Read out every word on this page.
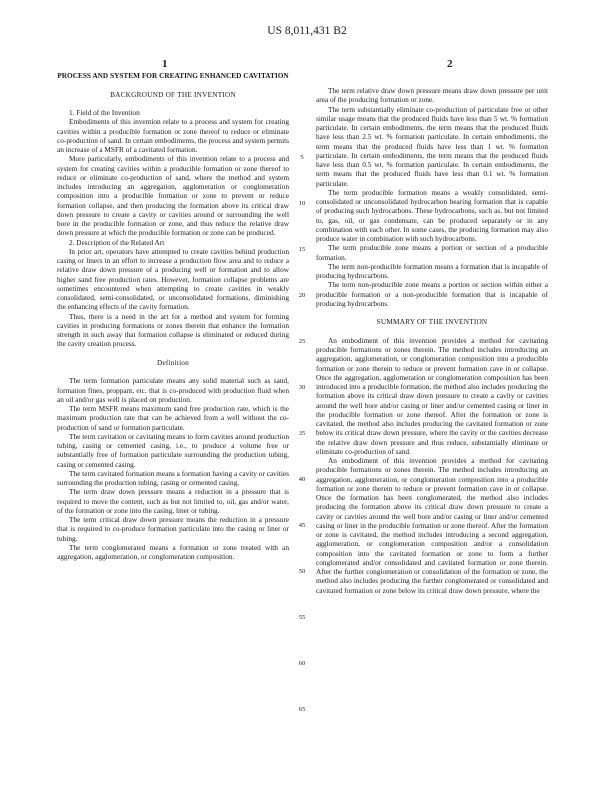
US 8,011,431 B2
1	2
PROCESS AND SYSTEM FOR CREATING ENHANCED CAVITATION
BACKGROUND OF THE INVENTION

1. Field of the Invention

Embodiments of this invention relate to a process and system for creating cavities within a producible formation or zone thereof to reduce or eliminate co-production of sand. In certain embodiments, the process and system permits an increase of a MSFR of a cavitated formation.

More particularly, embodiments of this invention relate to a process and system for creating cavities within a producible formation or zone thereof to reduce or eliminate co-production of sand, where the method and system includes introducing an aggregation, agglomeration or conglomeration composition into a producible formation or zone to prevent or reduce formation collapse, and then producing the formation above its critical draw down pressure to create a cavity or cavities around or surrounding the well bore in the producible formation or zone, and thus reduce the relative draw down pressure at which the producible formation or zone can be produced.

2. Description of the Related Art

In prior art, operators have attempted to create cavities behind production casing or liners in an effort to increase a production flow area and to reduce a relative draw down pressure of a producing well or formation and to allow higher sand free production rates. However, formation collapse problems are sometimes encountered when attempting to create cavities in weakly consolidated, semi-consolidated, or unconsolidated formations, diminishing the enhancing effects of the cavity formation.

Thus, there is a need in the art for a method and system for forming cavities in producing formations or zones therein that enhance the formation strength in such away that formation collapse is eliminated or reduced during the cavity creation process.

Definition

The term formation particulate means any solid material such as sand, formation fines, proppant, etc. that is co-produced with production fluid when an oil and/or gas well is placed on production.

The term MSFR means maximum sand free production rate, which is the maximum production rate that can be achieved from a well without the co-production of sand or formation particulate.

The term cavitation or cavitating means to form cavities around production tubing, casing or cemented casing, i.e., to produce a volume free or substantially free of formation particulate surrounding the production tubing, casing or cemented casing.

The term cavitated formation means a formation having a cavity or cavities surrounding the production tubing, casing or cemented casing.

The term draw down pressure means a reduction in a pressure that is required to move the content, such as but not limited to, oil, gas and/or water, of the formation or zone into the casing, liner or tubing.

The term critical draw down pressure means the reduction in a pressure that is required to co-produce formation particulate into the casing or liner or tubing.

The term conglomerated means a formation or zone treated with an aggregation, agglomeration, or conglomeration composition.

The term relative draw down pressure means draw down pressure per unit area of the producing formation or zone.

The term substantially eliminate co-production of particulate free or other similar usage means that the produced fluids have less than 5 wt. % formation particulate. In certain embodiments, the term means that the produced fluids have less than 2.5 wt. % formation particulate. In certain embodiments, the term means that the produced fluids have less than 1 wt. % formation particulate. In certain embodiments, the term means that the produced fluids have less than 0.5 wt. % formation particulate. In certain embodiments, the term means that the produced fluids have less than 0.1 wt. % formation particulate.

The term producible formation means a weakly consolidated, semi-consolidated or unconsolidated hydrocarbon bearing formation that is capable of producing such hydrocarbons. These hydrocarbons, such as, but not limited to, gas, oil, or gas condensate, can be produced separately or in any combination with each other. In some cases, the producing formation may also produce water in combination with such hydrocarbons.

The term producible zone means a portion or section of a producible formation.

The term non-producible formation means a formation that is incapable of producing hydrocarbons.

The term non-producible zone means a portion or section within either a producible formation or a non-producible formation that is incapable of producing hydrocarbons.

SUMMARY OF THE INVENTION

An embodiment of this invention provides a method for cavitating producible formations or zones therein. The method includes introducing an aggregation, agglomeration, or conglomeration composition into a producible formation or zone therein to reduce or prevent formation cave in or collapse. Once the aggregation, agglomeration or conglomeration composition has been introduced into a producible formation, the method also includes producing the formation above its critical draw down pressure to create a cavity or cavities around the well bore and/or casing or liner and/or cemented casing or liner in the producible formation or zone thereof. After the formation or zone is cavitated, the method also includes producing the cavitated formation or zone below its critical draw down pressure, where the cavity or the cavities decrease the relative draw down pressure and thus reduce, substantially eliminate or eliminate co-production of sand.

An embodiment of this invention provides a method for cavitating producible formations or zones therein. The method includes introducing an aggregation, agglomeration, or conglomeration composition into a producible formation or zone therein to reduce or prevent formation cave in or collapse. Once the formation has been conglomerated, the method also includes producing the formation above its critical draw down pressure to create a cavity or cavities around the well bore and/or casing or liner and/or cemented casing or liner in the producible formation or zone thereof. After the formation or zone is cavitated, the method includes introducing a second aggregation, agglomeration, or conglomeration composition and/or a consolidation composition into the cavitated formation or zone to form a further conglomerated and/or consolidated and cavitated formation or zone therein. After the further conglomeration or consolidation of the formation or zone, the method also includes producing the further conglomerated or consolidated and cavitated formation or zone below its critical draw down pressure, where the

5
10
15
20
25
30
35
40
45
50
55
60
65
